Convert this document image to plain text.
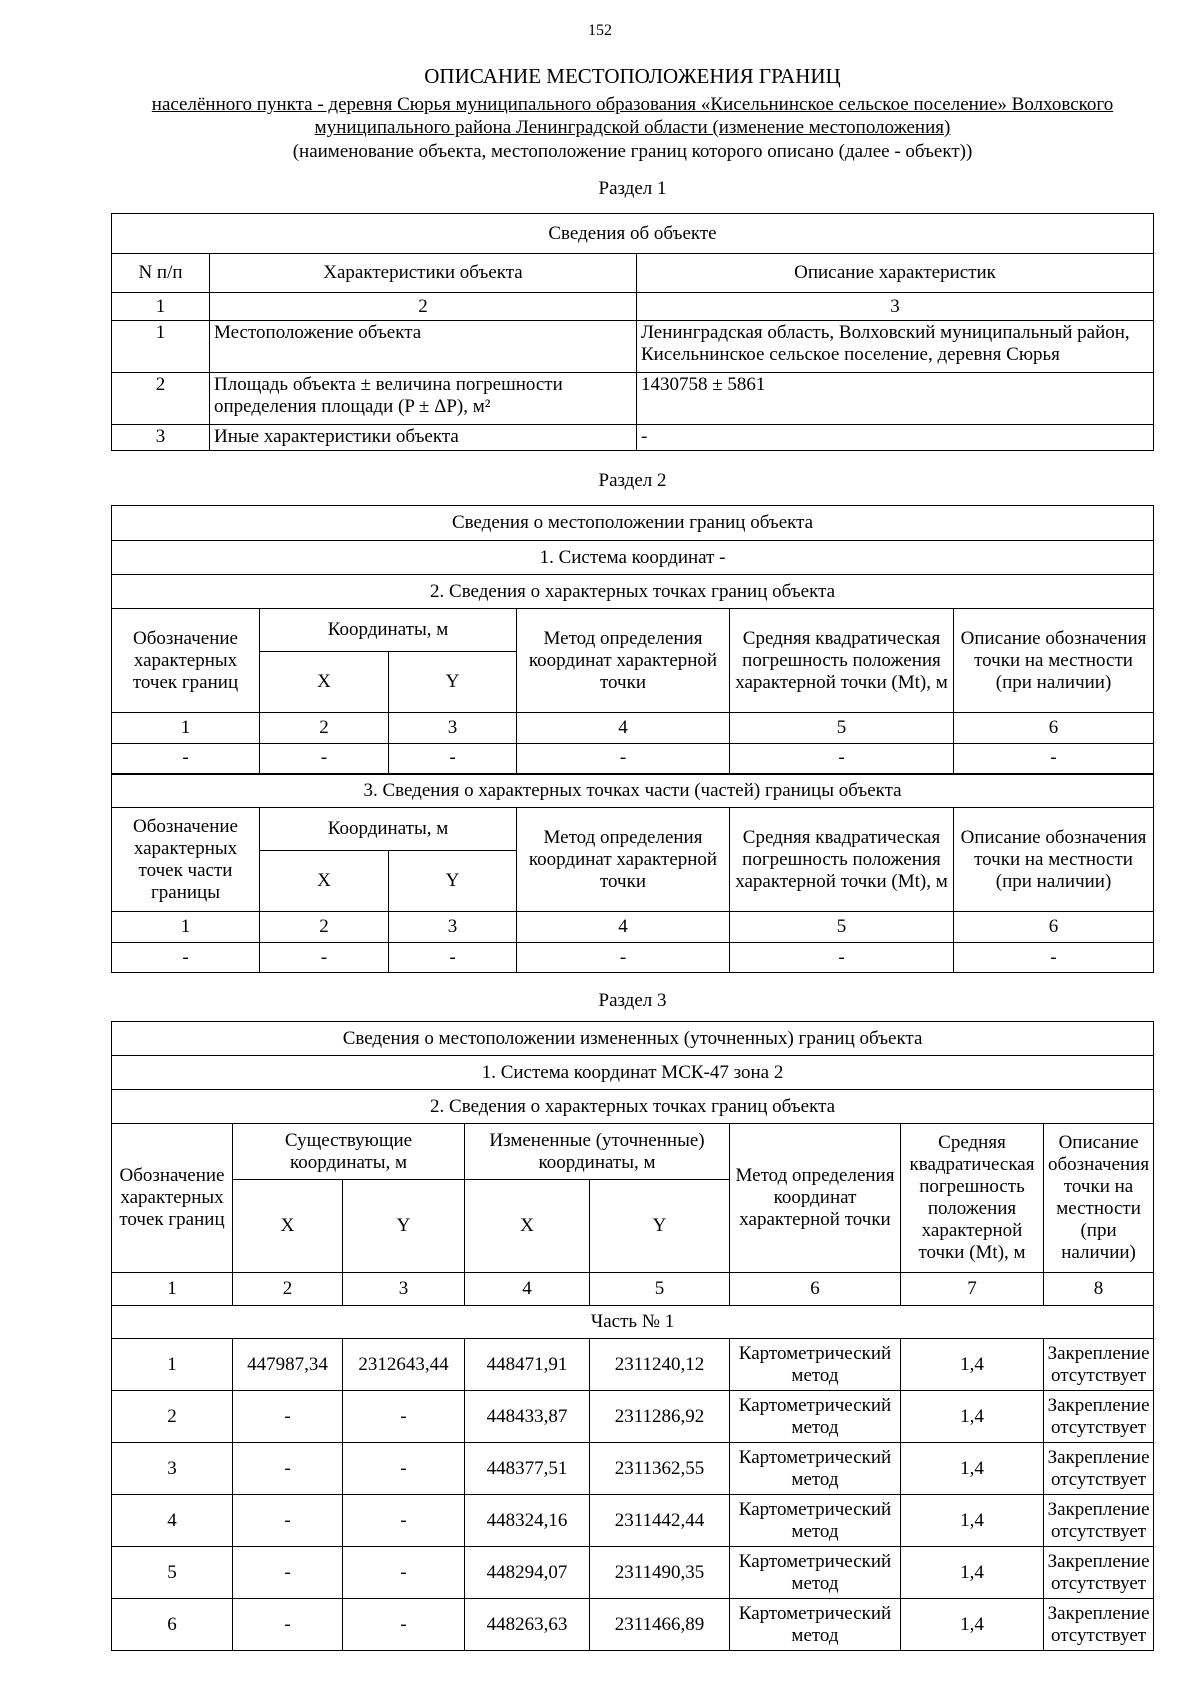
152
ОПИСАНИЕ МЕСТОПОЛОЖЕНИЯ ГРАНИЦ
населённого пункта - деревня Сюрья муниципального образования «Кисельнинское сельское поселение» Волховского
муниципального района Ленинградской области (изменение местоположения)
(наименование объекта, местоположение границ которого описано (далее - объект))
Раздел 1
Сведения об объекте		
N п/п	Характеристики объекта	Описание характеристик
1	2	3
1	Местоположение объекта	Ленинградская область, Волховский муниципальный район, Кисельнинское сельское поселение, деревня Сюрья
2	Площадь объекта ± величина погрешности определения площади (P ± ΔP), м²	1430758 ± 5861
3	Иные характеристики объекта	-
Раздел 2
Сведения о местоположении границ объекта					
1. Система координат -					
2. Сведения о характерных точках границ объекта					
Обозначение характерных точек границ	Координаты, м		Метод определения координат характерной точки	Средняя квадратическая погрешность положения характерной точки (Mt), м	Описание обозначения точки на местности (при наличии)
	X	Y			
1	2	3	4	5	6
-	-	-	-	-	-
3. Сведения о характерных точках части (частей) границы объекта					
Обозначение характерных точек части границы	Координаты, м		Метод определения координат характерной точки	Средняя квадратическая погрешность положения характерной точки (Mt), м	Описание обозначения точки на местности (при наличии)
	X	Y			
1	2	3	4	5	6
-	-	-	-	-	-
Раздел 3
Сведения о местоположении измененных (уточненных) границ объекта							
1. Система координат МСК-47 зона 2							
2. Сведения о характерных точках границ объекта							
Обозначение характерных точек границ	Существующие координаты, м		Измененные (уточненные) координаты, м		Метод определения координат характерной точки	Средняя квадратическая погрешность положения характерной точки (Mt), м	Описание обозначения точки на местности (при наличии)
	X	Y	X	Y			
1	2	3	4	5	6	7	8
Часть № 1							
1	447987,34	2312643,44	448471,91	2311240,12	Картометрический метод	1,4	Закрепление отсутствует
2	-	-	448433,87	2311286,92	Картометрический метод	1,4	Закрепление отсутствует
3	-	-	448377,51	2311362,55	Картометрический метод	1,4	Закрепление отсутствует
4	-	-	448324,16	2311442,44	Картометрический метод	1,4	Закрепление отсутствует
5	-	-	448294,07	2311490,35	Картометрический метод	1,4	Закрепление отсутствует
6	-	-	448263,63	2311466,89	Картометрический метод	1,4	Закрепление отсутствует
